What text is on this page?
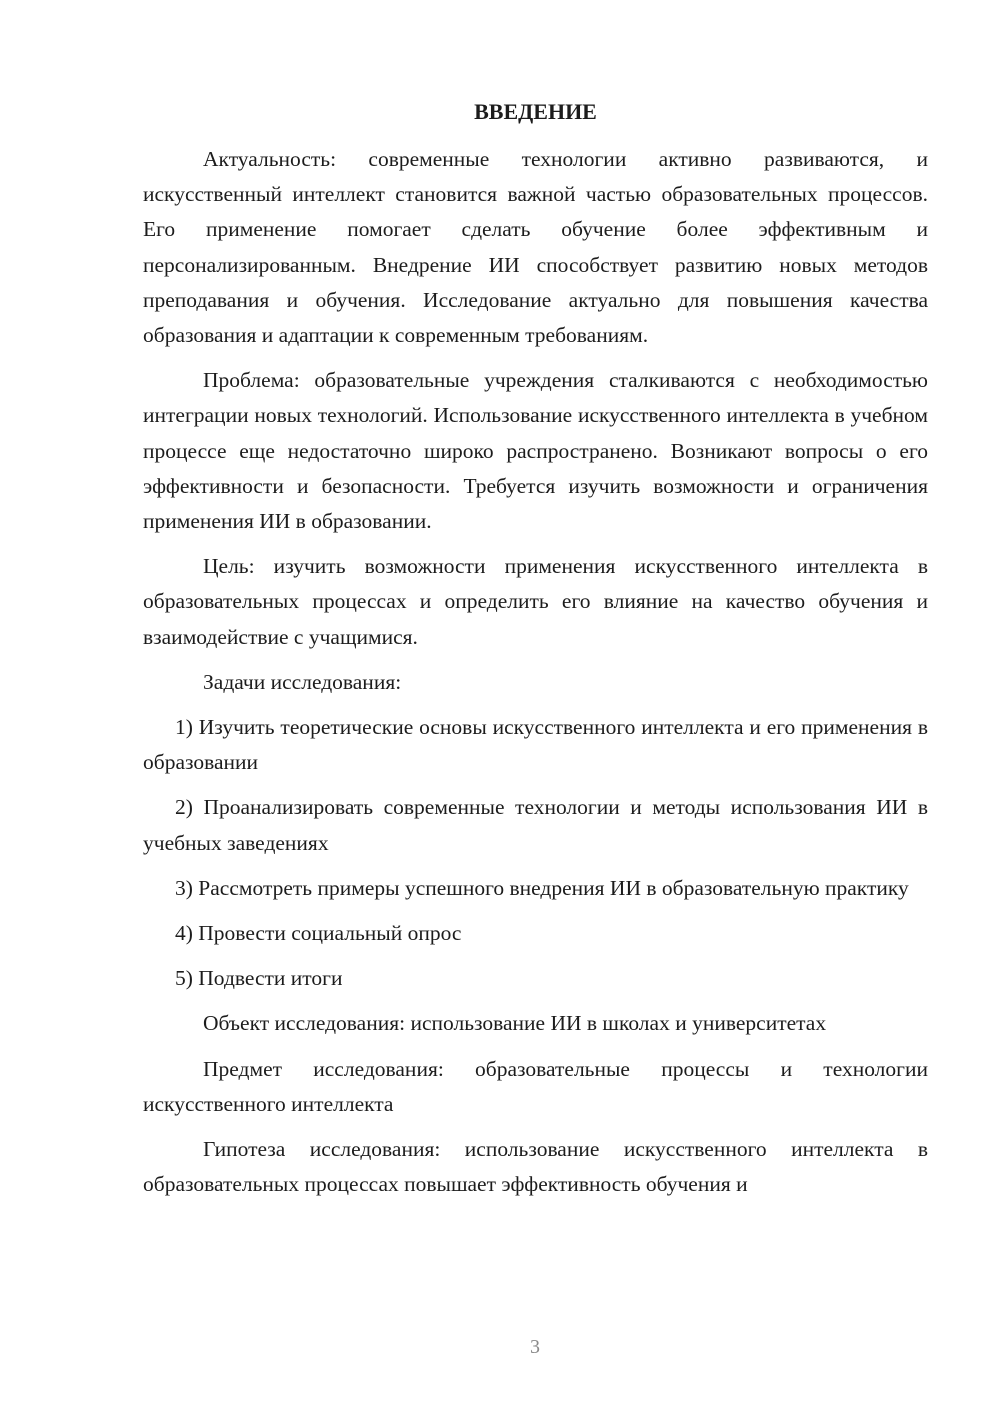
ВВЕДЕНИЕ

Актуальность: современные технологии активно развиваются, и искусственный интеллект становится важной частью образовательных процессов. Его применение помогает сделать обучение более эффективным и персонализированным. Внедрение ИИ способствует развитию новых методов преподавания и обучения. Исследование актуально для повышения качества образования и адаптации к современным требованиям.

Проблема: образовательные учреждения сталкиваются с необходимостью интеграции новых технологий. Использование искусственного интеллекта в учебном процессе еще недостаточно широко распространено. Возникают вопросы о его эффективности и безопасности. Требуется изучить возможности и ограничения применения ИИ в образовании.

Цель: изучить возможности применения искусственного интеллекта в образовательных процессах и определить его влияние на качество обучения и взаимодействие с учащимися.

Задачи исследования:

1) Изучить теоретические основы искусственного интеллекта и его применения в образовании

2) Проанализировать современные технологии и методы использования ИИ в учебных заведениях

3) Рассмотреть примеры успешного внедрения ИИ в образовательную практику

4) Провести социальный опрос

5) Подвести итоги

Объект исследования: использование ИИ в школах и университетах

Предмет исследования: образовательные процессы и технологии искусственного интеллекта

Гипотеза исследования: использование искусственного интеллекта в образовательных процессах повышает эффективность обучения и

3
